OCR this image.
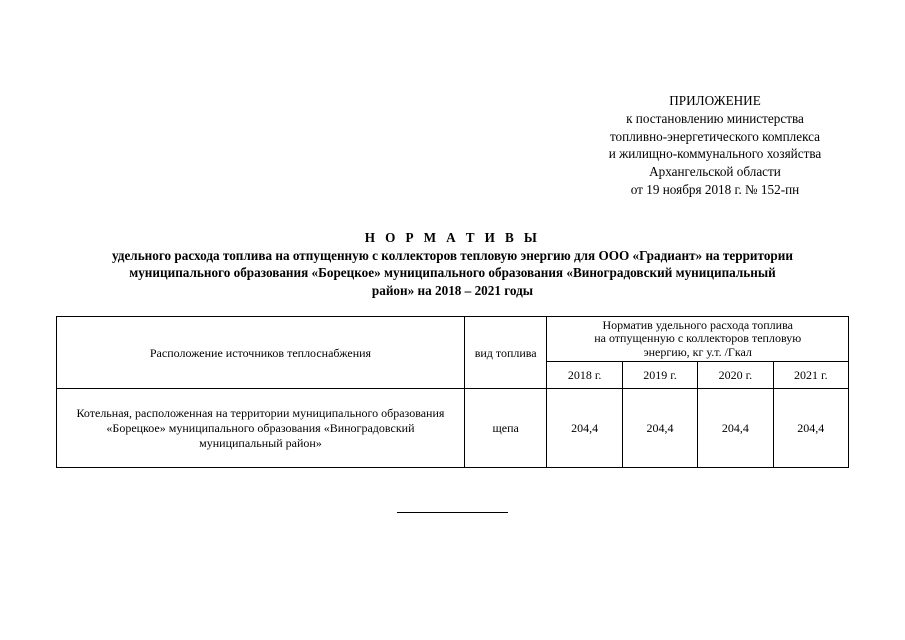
ПРИЛОЖЕНИЕ
к постановлению министерства
топливно-энергетического комплекса
и жилищно-коммунального хозяйства
Архангельской области
от 19 ноября 2018 г. № 152-пн
Н О Р М А Т И В Ы
удельного расхода топлива на отпущенную с коллекторов тепловую энергию для ООО «Градиант» на территории
муниципального образования «Борецкое» муниципального образования «Виноградовский муниципальный
район» на 2018 – 2021 годы
Расположение источников теплоснабжения	вид топлива	Норматив удельного расхода топлива
на отпущенную с коллекторов тепловую
энергию, кг у.т. /Гкал			

		2018 г.	2019 г.	2020 г.	2021 г.

Котельная, расположенная на территории муниципального образования
«Борецкое» муниципального образования «Виноградовский
муниципальный район»	щепа	204,4	204,4	204,4	204,4
